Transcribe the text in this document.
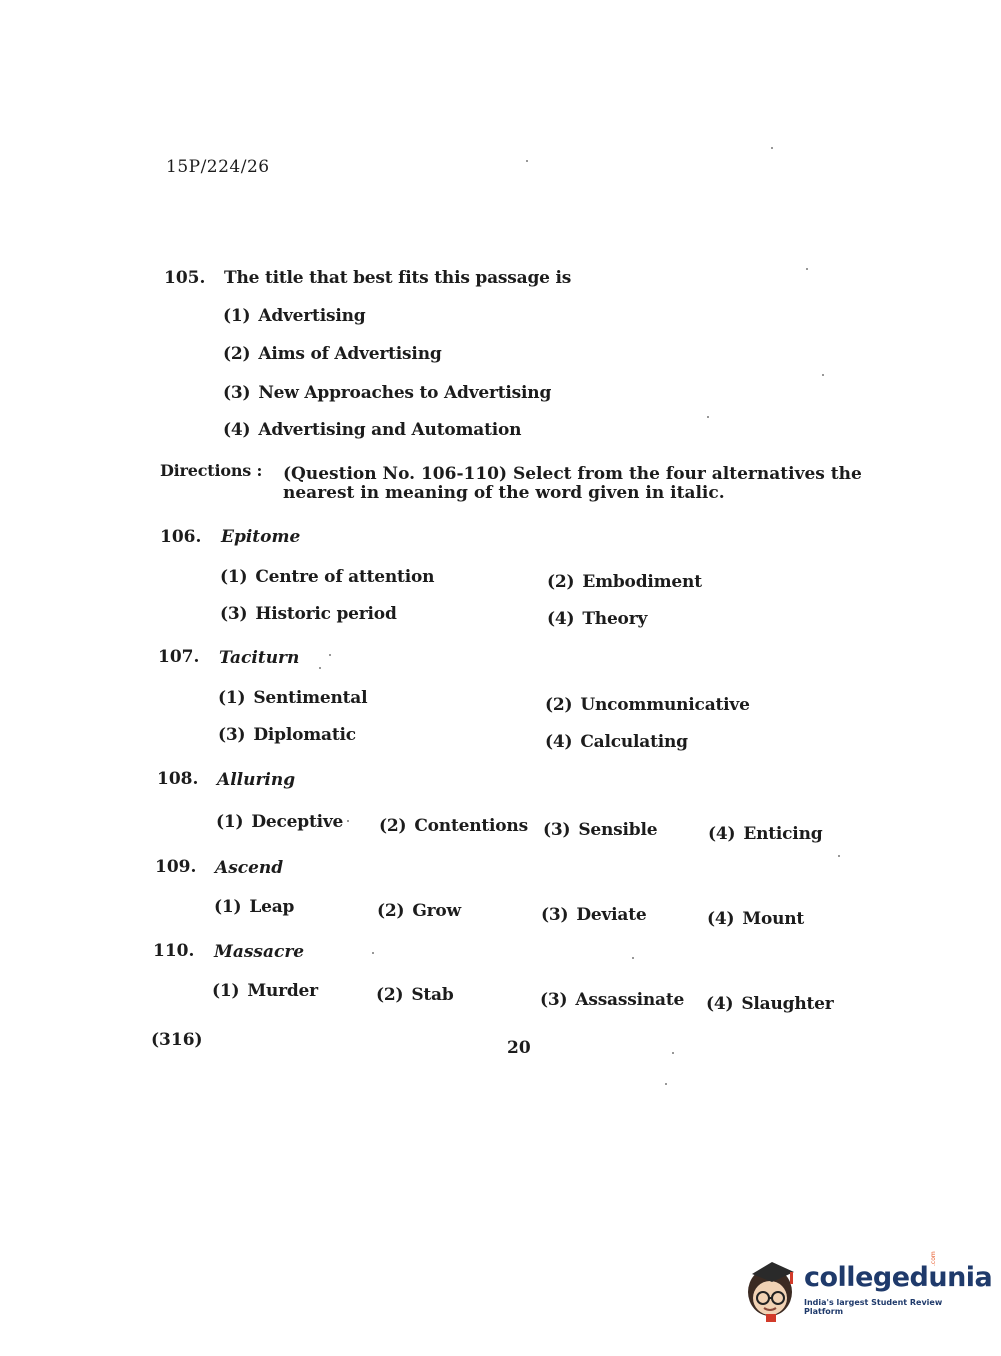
15P/224/26
105. The title that best fits this passage is
(1) Advertising
(2) Aims of Advertising
(3) New Approaches to Advertising
(4) Advertising and Automation
Directions : (Question No. 106-110) Select from the four alternatives the nearest in meaning of the word given in italic.
106. Epitome
(1) Centre of attention	(2) Embodiment
(3) Historic period	(4) Theory
107. Taciturn
(1) Sentimental	(2) Uncommunicative
(3) Diplomatic	(4) Calculating
108. Alluring
(1) Deceptive (2) Contentions (3) Sensible	(4) Enticing
109. Ascend
(1) Leap	(2) Grow	(3) Deviate	(4) Mount
110. Massacre
(1) Murder	(2) Stab	(3) Assassinate (4) Slaughter
(316)	20
collegedunia
.com
India's largest Student Review Platform
